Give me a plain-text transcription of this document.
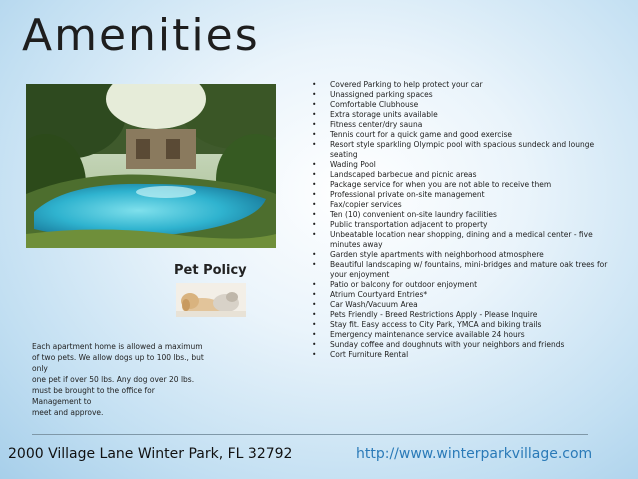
Amenities
Pet Policy
Each apartment home is allowed a maximum
of two pets. We allow dogs up to 100 lbs., but
only
one pet if over 50 lbs. Any dog over 20 lbs.
must be brought to the office for
Management to
meet and approve.
• Covered Parking to help protect your car
• Unassigned parking spaces
• Comfortable Clubhouse
• Extra storage units available
• Fitness center/dry sauna
• Tennis court for a quick game and good exercise
• Resort style sparkling Olympic pool with spacious sundeck and lounge seating
• Wading Pool
• Landscaped barbecue and picnic areas
• Package service for when you are not able to receive them
• Professional private on-site management
• Fax/copier services
• Ten (10) convenient on-site laundry facilities
• Public transportation adjacent to property
• Unbeatable location near shopping, dining and a medical center - five minutes away
• Garden style apartments with neighborhood atmosphere
• Beautiful landscaping w/ fountains, mini-bridges and mature oak trees for your enjoyment
• Patio or balcony for outdoor enjoyment
• Atrium Courtyard Entries*
• Car Wash/Vacuum Area
• Pets Friendly - Breed Restrictions Apply - Please Inquire
• Stay fit. Easy access to City Park, YMCA and biking trails
• Emergency maintenance service available 24 hours
• Sunday coffee and doughnuts with your neighbors and friends
• Cort Furniture Rental
2000 Village Lane Winter Park, FL 32792	http://www.winterparkvillage.com
